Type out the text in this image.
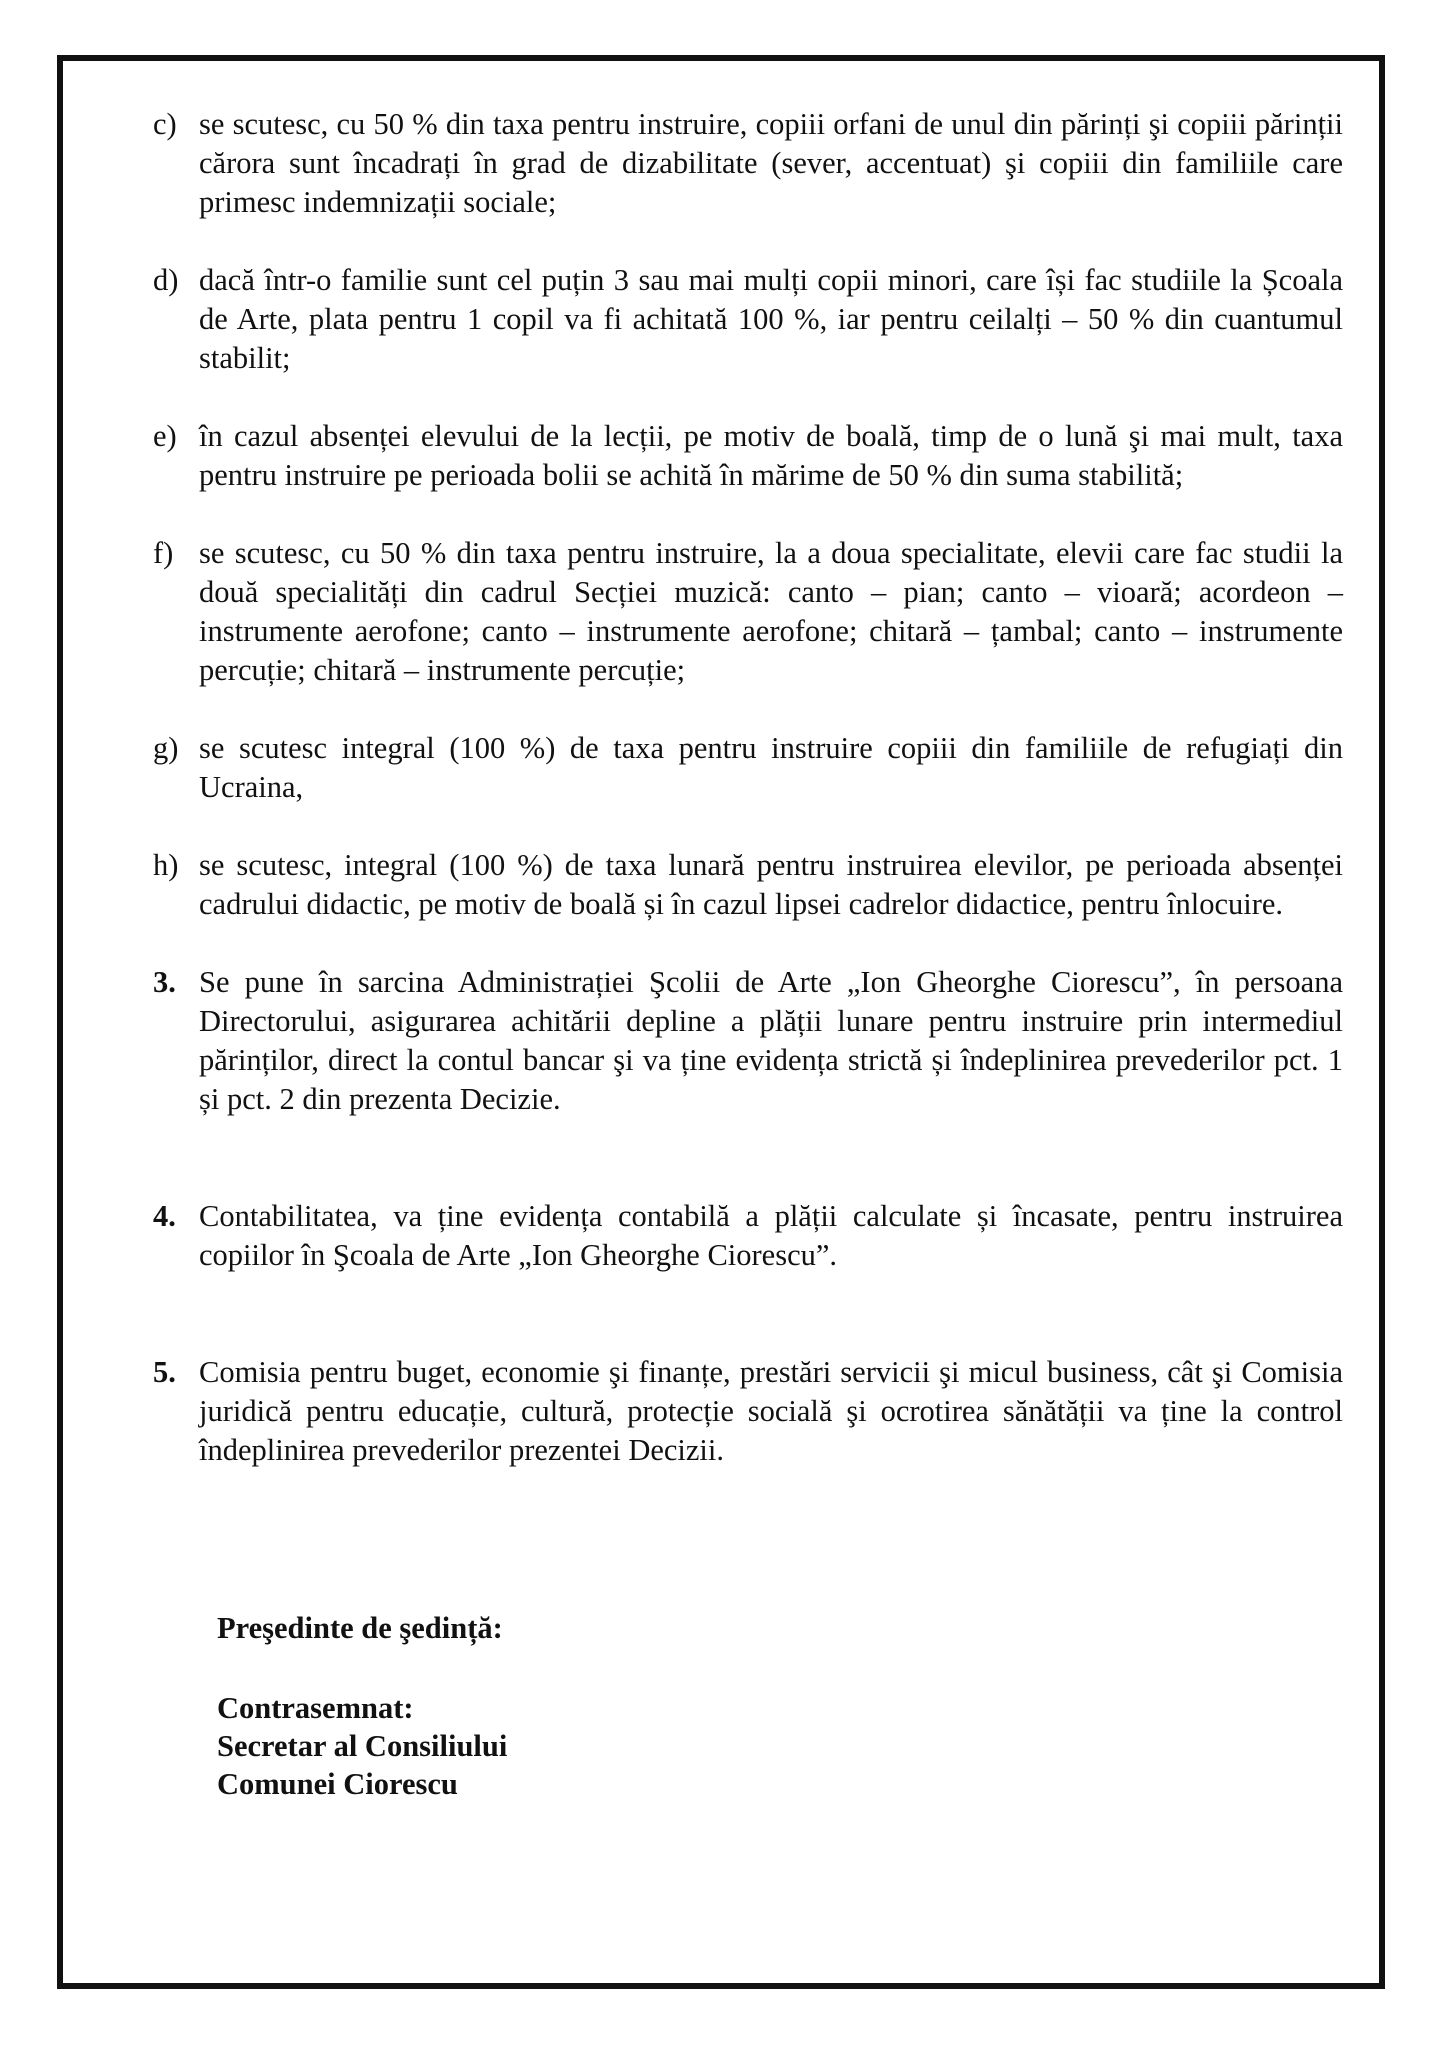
c) se scutesc, cu 50 % din taxa pentru instruire, copiii orfani de unul din părinți şi copiii părinții cărora sunt încadrați în grad de dizabilitate (sever, accentuat) şi copiii din familiile care primesc indemnizații sociale;
d) dacă într-o familie sunt cel puțin 3 sau mai mulți copii minori, care își fac studiile la Școala de Arte, plata pentru 1 copil va fi achitată 100 %, iar pentru ceilalți – 50 % din cuantumul stabilit;
e) în cazul absenței elevului de la lecții, pe motiv de boală, timp de o lună şi mai mult, taxa pentru instruire pe perioada bolii se achită în mărime de 50 % din suma stabilită;
f) se scutesc, cu 50 % din taxa pentru instruire, la a doua specialitate, elevii care fac studii la două specialități din cadrul Secției muzică: canto – pian; canto – vioară; acordeon – instrumente aerofone; canto – instrumente aerofone; chitară – țambal; canto – instrumente percuție; chitară – instrumente percuție;
g) se scutesc integral (100 %) de taxa pentru instruire copiii din familiile de refugiați din Ucraina,
h) se scutesc, integral (100 %) de taxa lunară pentru instruirea elevilor, pe perioada absenței cadrului didactic, pe motiv de boală și în cazul lipsei cadrelor didactice, pentru înlocuire.
3. Se pune în sarcina Administrației Şcolii de Arte „Ion Gheorghe Ciorescu”, în persoana Directorului, asigurarea achitării depline a plății lunare pentru instruire prin intermediul părinților, direct la contul bancar şi va ține evidența strictă și îndeplinirea prevederilor pct. 1 și pct. 2 din prezenta Decizie.
4. Contabilitatea, va ține evidența contabilă a plății calculate și încasate, pentru instruirea copiilor în Şcoala de Arte „Ion Gheorghe Ciorescu”.
5. Comisia pentru buget, economie şi finanțe, prestări servicii şi micul business, cât şi Comisia juridică pentru educație, cultură, protecție socială şi ocrotirea sănătății va ține la control îndeplinirea prevederilor prezentei Decizii.
Preşedinte de şedință:
Contrasemnat:
Secretar al Consiliului
Comunei Ciorescu
